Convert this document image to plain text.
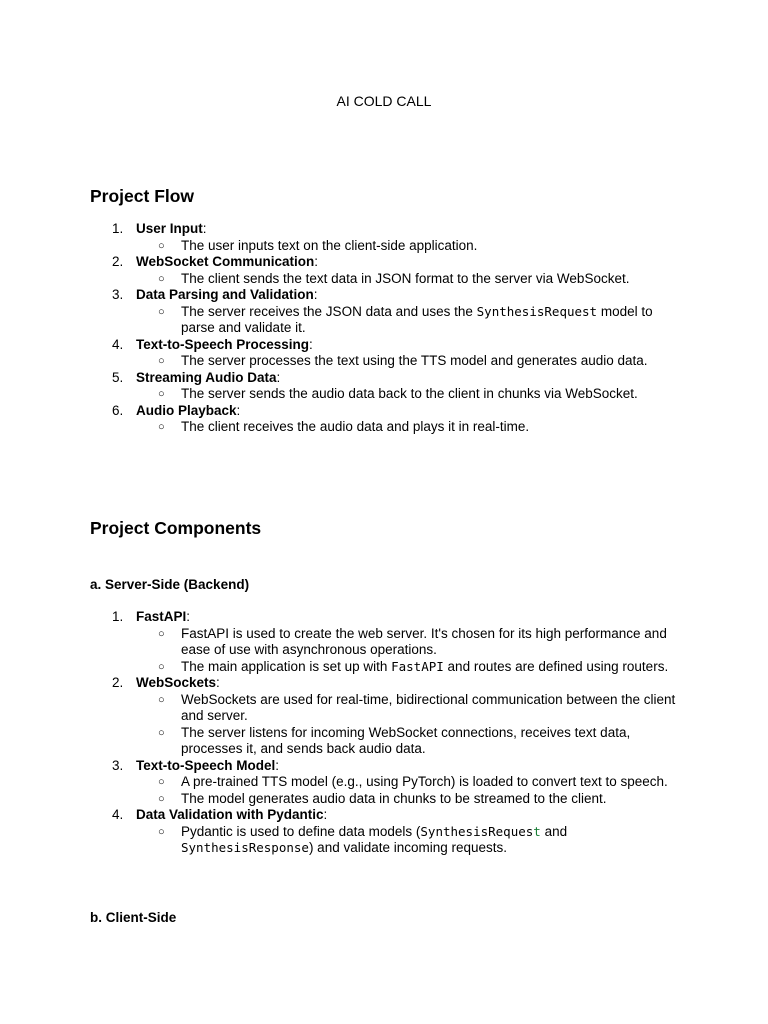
AI COLD CALL
Project Flow
1. User Input:
○ The user inputs text on the client-side application.
2. WebSocket Communication:
○ The client sends the text data in JSON format to the server via WebSocket.
3. Data Parsing and Validation:
○ The server receives the JSON data and uses the SynthesisRequest model to parse and validate it.
4. Text-to-Speech Processing:
○ The server processes the text using the TTS model and generates audio data.
5. Streaming Audio Data:
○ The server sends the audio data back to the client in chunks via WebSocket.
6. Audio Playback:
○ The client receives the audio data and plays it in real-time.
Project Components
a. Server-Side (Backend)
1. FastAPI:
○ FastAPI is used to create the web server. It's chosen for its high performance and ease of use with asynchronous operations.
○ The main application is set up with FastAPI and routes are defined using routers.
2. WebSockets:
○ WebSockets are used for real-time, bidirectional communication between the client and server.
○ The server listens for incoming WebSocket connections, receives text data, processes it, and sends back audio data.
3. Text-to-Speech Model:
○ A pre-trained TTS model (e.g., using PyTorch) is loaded to convert text to speech.
○ The model generates audio data in chunks to be streamed to the client.
4. Data Validation with Pydantic:
○ Pydantic is used to define data models (SynthesisRequest and SynthesisResponse) and validate incoming requests.
b. Client-Side
